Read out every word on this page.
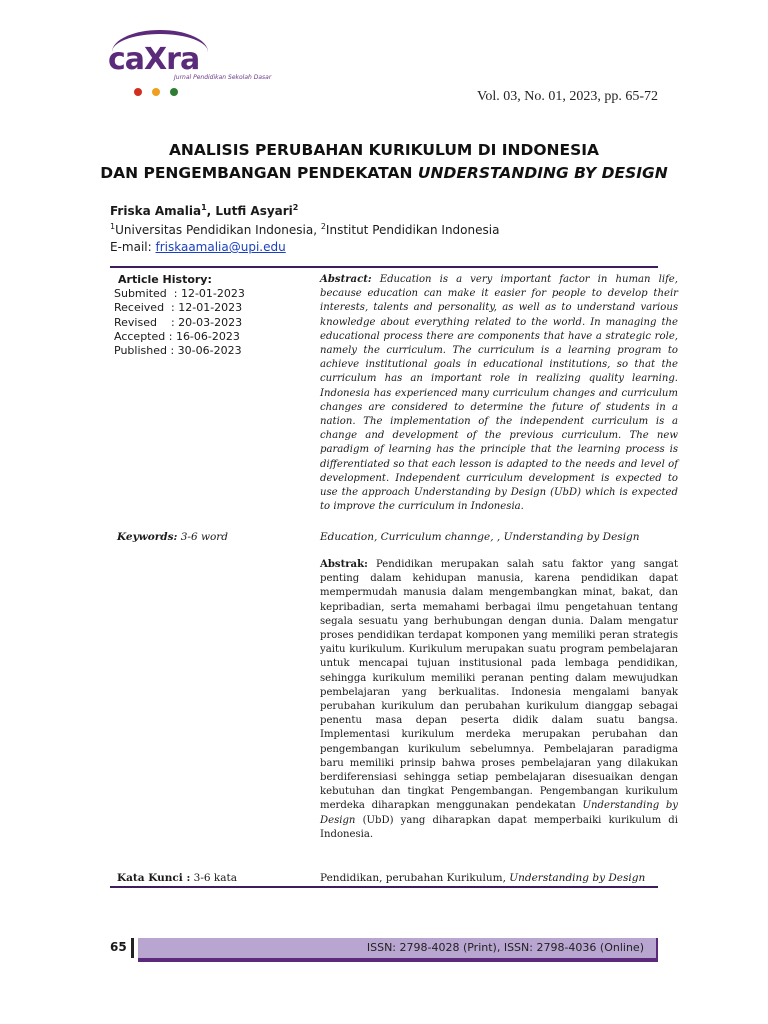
caXra
Jurnal Pendidikan Sekolah Dasar
Vol. 03, No. 01, 2023, pp. 65-72
ANALISIS PERUBAHAN KURIKULUM DI INDONESIA
DAN PENGEMBANGAN PENDEKATAN UNDERSTANDING BY DESIGN
Friska Amalia$^1$, Lutfi Asyari$^2$
$^1$Universitas Pendidikan Indonesia, $^2$Institut Pendidikan Indonesia
E-mail: friskaamalia@upi.edu
Article History:
Submited  : 12-01-2023
Received  : 12-01-2023
Revised    : 20-03-2023
Accepted : 16-06-2023
Published : 30-06-2023
Abstract: Education is a very important factor in human life, because education can make it easier for people to develop their interests, talents and personality, as well as to understand various knowledge about everything related to the world. In managing the educational process there are components that have a strategic role, namely the curriculum. The curriculum is a learning program to achieve institutional goals in educational institutions, so that the curriculum has an important role in realizing quality learning. Indonesia has experienced many curriculum changes and curriculum changes are considered to determine the future of students in a nation. The implementation of the independent curriculum is a change and development of the previous curriculum. The new paradigm of learning has the principle that the learning process is differentiated so that each lesson is adapted to the needs and level of development. Independent curriculum development is expected to use the approach Understanding by Design (UbD) which is expected to improve the curriculum in Indonesia.
Keywords: 3-6 word	Education, Curriculum channge, , Understanding by Design
Abstrak: Pendidikan merupakan salah satu faktor yang sangat penting dalam kehidupan manusia, karena pendidikan dapat mempermudah manusia dalam mengembangkan minat, bakat, dan kepribadian, serta memahami berbagai ilmu pengetahuan tentang segala sesuatu yang berhubungan dengan dunia. Dalam mengatur proses pendidikan terdapat komponen yang memiliki peran strategis yaitu kurikulum. Kurikulum merupakan suatu program pembelajaran untuk mencapai tujuan institusional pada lembaga pendidikan, sehingga kurikulum memiliki peranan penting dalam mewujudkan pembelajaran yang berkualitas. Indonesia mengalami banyak perubahan kurikulum dan perubahan kurikulum dianggap sebagai penentu masa depan peserta didik dalam suatu bangsa. Implementasi kurikulum merdeka merupakan perubahan dan pengembangan kurikulum sebelumnya. Pembelajaran paradigma baru memiliki prinsip bahwa proses pembelajaran yang dilakukan berdiferensiasi sehingga setiap pembelajaran disesuaikan dengan kebutuhan dan tingkat Pengembangan. Pengembangan kurikulum merdeka diharapkan menggunakan pendekatan Understanding by Design (UbD) yang diharapkan dapat memperbaiki kurikulum di Indonesia.
Kata Kunci : 3-6 kata	Pendidikan, perubahan Kurikulum, Understanding by Design
65	ISSN: 2798-4028 (Print), ISSN: 2798-4036 (Online)
